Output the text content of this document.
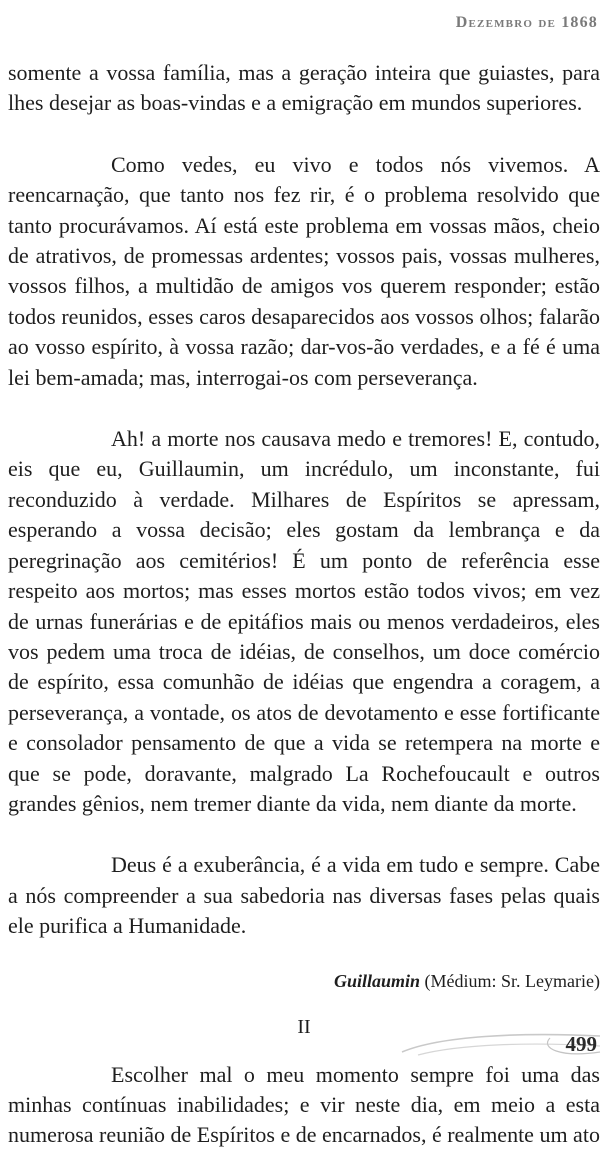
Dezembro de 1868

somente a vossa família, mas a geração inteira que guiastes, para lhes desejar as boas-vindas e a emigração em mundos superiores.

Como vedes, eu vivo e todos nós vivemos. A reencarnação, que tanto nos fez rir, é o problema resolvido que tanto procurávamos. Aí está este problema em vossas mãos, cheio de atrativos, de promessas ardentes; vossos pais, vossas mulheres, vossos filhos, a multidão de amigos vos querem responder; estão todos reunidos, esses caros desaparecidos aos vossos olhos; falarão ao vosso espírito, à vossa razão; dar-vos-ão verdades, e a fé é uma lei bem-amada; mas, interrogai-os com perseverança.

Ah! a morte nos causava medo e tremores! E, contudo, eis que eu, Guillaumin, um incrédulo, um inconstante, fui reconduzido à verdade. Milhares de Espíritos se apressam, esperando a vossa decisão; eles gostam da lembrança e da peregrinação aos cemitérios! É um ponto de referência esse respeito aos mortos; mas esses mortos estão todos vivos; em vez de urnas funerárias e de epitáfios mais ou menos verdadeiros, eles vos pedem uma troca de idéias, de conselhos, um doce comércio de espírito, essa comunhão de idéias que engendra a coragem, a perseverança, a vontade, os atos de devotamento e esse fortificante e consolador pensamento de que a vida se retempera na morte e que se pode, doravante, malgrado La Rochefoucault e outros grandes gênios, nem tremer diante da vida, nem diante da morte.

Deus é a exuberância, é a vida em tudo e sempre. Cabe a nós compreender a sua sabedoria nas diversas fases pelas quais ele purifica a Humanidade.

Guillaumin (Médium: Sr. Leymarie)
II

Escolher mal o meu momento sempre foi uma das minhas contínuas inabilidades; e vir neste dia, em meio a esta numerosa reunião de Espíritos e de encarnados, é realmente um ato

499
